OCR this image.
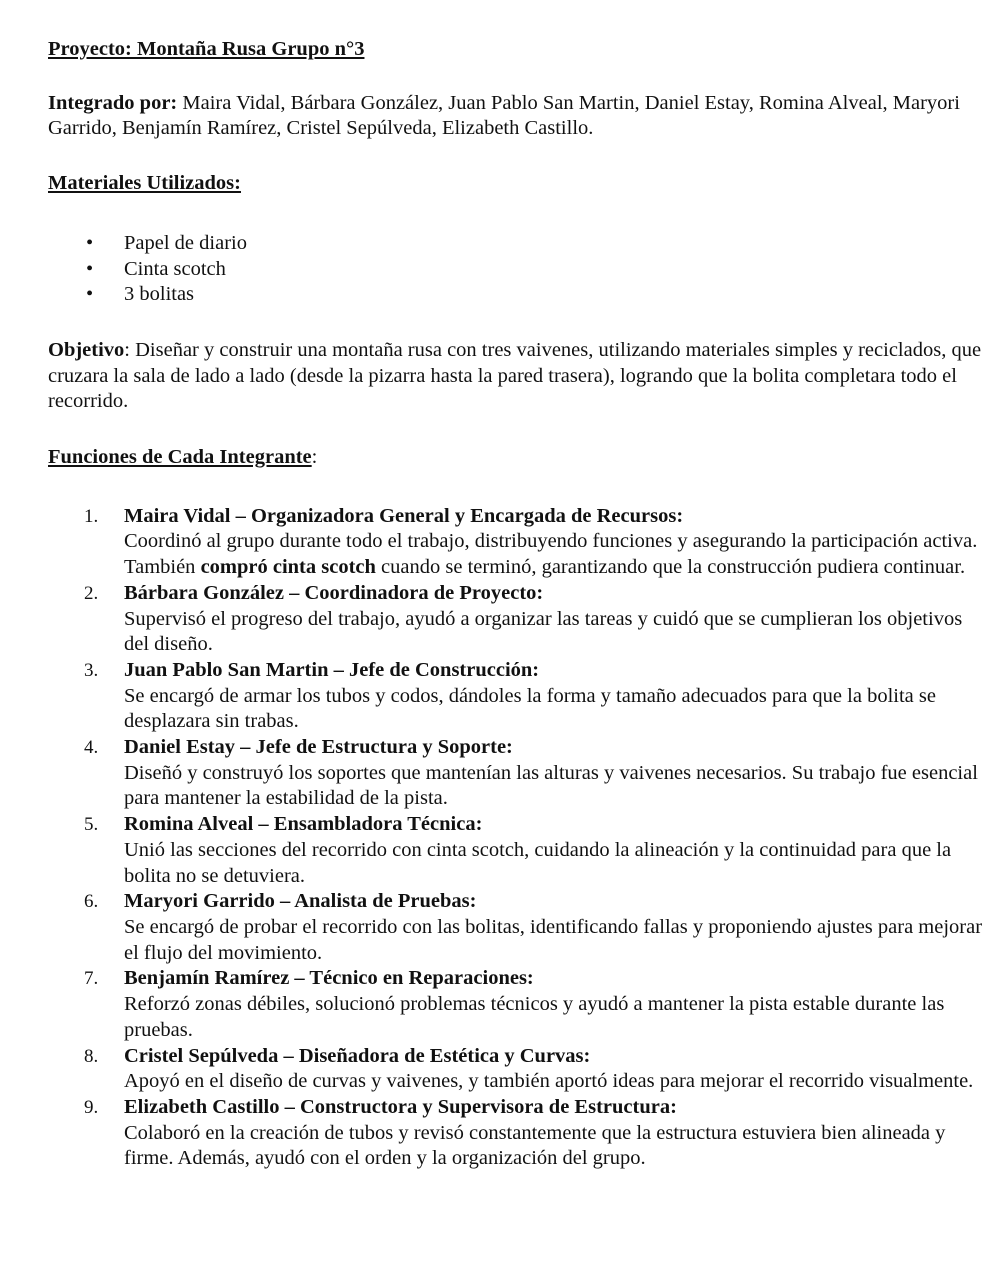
Proyecto: Montaña Rusa Grupo n°3

Integrado por: Maira Vidal, Bárbara González, Juan Pablo San Martin, Daniel Estay, Romina Alveal, Maryori Garrido, Benjamín Ramírez, Cristel Sepúlveda, Elizabeth Castillo.

Materiales Utilizados:
• Papel de diario
• Cinta scotch
• 3 bolitas

Objetivo: Diseñar y construir una montaña rusa con tres vaivenes, utilizando materiales simples y reciclados, que cruzara la sala de lado a lado (desde la pizarra hasta la pared trasera), logrando que la bolita completara todo el recorrido.

Funciones de Cada Integrante:
1. Maira Vidal – Organizadora General y Encargada de Recursos:
Coordinó al grupo durante todo el trabajo, distribuyendo funciones y asegurando la participación activa. También compró cinta scotch cuando se terminó, garantizando que la construcción pudiera continuar.
2. Bárbara González – Coordinadora de Proyecto:
Supervisó el progreso del trabajo, ayudó a organizar las tareas y cuidó que se cumplieran los objetivos del diseño.
3. Juan Pablo San Martin – Jefe de Construcción:
Se encargó de armar los tubos y codos, dándoles la forma y tamaño adecuados para que la bolita se desplazara sin trabas.
4. Daniel Estay – Jefe de Estructura y Soporte:
Diseñó y construyó los soportes que mantenían las alturas y vaivenes necesarios. Su trabajo fue esencial para mantener la estabilidad de la pista.
5. Romina Alveal – Ensambladora Técnica:
Unió las secciones del recorrido con cinta scotch, cuidando la alineación y la continuidad para que la bolita no se detuviera.
6. Maryori Garrido – Analista de Pruebas:
Se encargó de probar el recorrido con las bolitas, identificando fallas y proponiendo ajustes para mejorar el flujo del movimiento.
7. Benjamín Ramírez – Técnico en Reparaciones:
Reforzó zonas débiles, solucionó problemas técnicos y ayudó a mantener la pista estable durante las pruebas.
8. Cristel Sepúlveda – Diseñadora de Estética y Curvas:
Apoyó en el diseño de curvas y vaivenes, y también aportó ideas para mejorar el recorrido visualmente.
9. Elizabeth Castillo – Constructora y Supervisora de Estructura:
Colaboró en la creación de tubos y revisó constantemente que la estructura estuviera bien alineada y firme. Además, ayudó con el orden y la organización del grupo.
